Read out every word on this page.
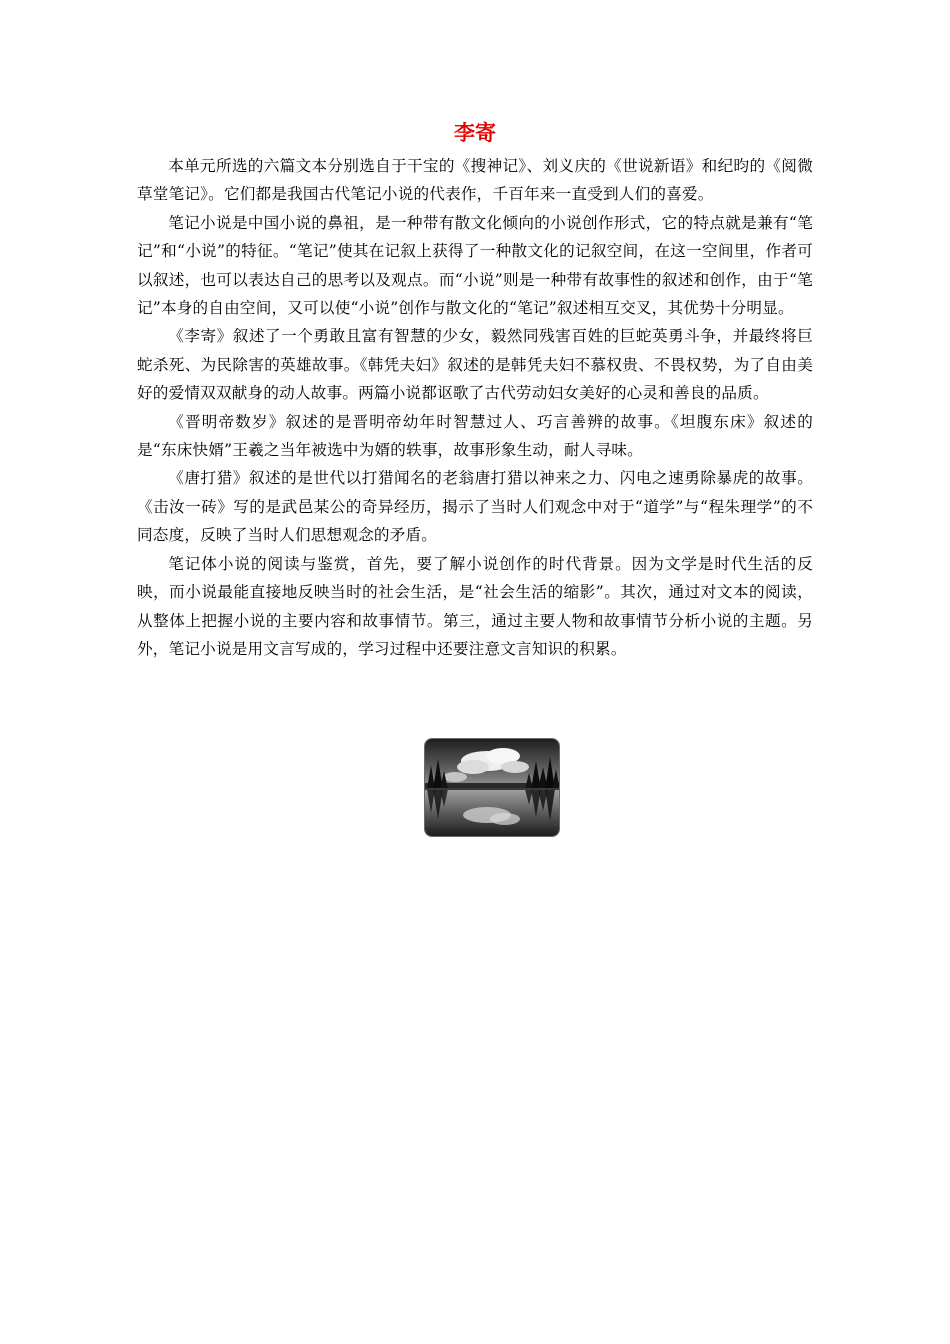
李寄

本单元所选的六篇文本分别选自于干宝的《搜神记》、刘义庆的《世说新语》和纪昀的《阅微草堂笔记》。它们都是我国古代笔记小说的代表作，千百年来一直受到人们的喜爱。

笔记小说是中国小说的鼻祖，是一种带有散文化倾向的小说创作形式，它的特点就是兼有“笔记”和“小说”的特征。“笔记”使其在记叙上获得了一种散文化的记叙空间，在这一空间里，作者可以叙述，也可以表达自己的思考以及观点。而“小说”则是一种带有故事性的叙述和创作，由于“笔记”本身的自由空间，又可以使“小说”创作与散文化的“笔记”叙述相互交叉，其优势十分明显。

《李寄》叙述了一个勇敢且富有智慧的少女，毅然同残害百姓的巨蛇英勇斗争，并最终将巨蛇杀死、为民除害的英雄故事。《韩凭夫妇》叙述的是韩凭夫妇不慕权贵、不畏权势，为了自由美好的爱情双双献身的动人故事。两篇小说都讴歌了古代劳动妇女美好的心灵和善良的品质。

《晋明帝数岁》叙述的是晋明帝幼年时智慧过人、巧言善辨的故事。《坦腹东床》叙述的是“东床快婿”王羲之当年被选中为婿的轶事，故事形象生动，耐人寻味。

《唐打猎》叙述的是世代以打猎闻名的老翁唐打猎以神来之力、闪电之速勇除暴虎的故事。《击汝一砖》写的是武邑某公的奇异经历，揭示了当时人们观念中对于“道学”与“程朱理学”的不同态度，反映了当时人们思想观念的矛盾。

笔记体小说的阅读与鉴赏，首先，要了解小说创作的时代背景。因为文学是时代生活的反映，而小说最能直接地反映当时的社会生活，是“社会生活的缩影”。其次，通过对文本的阅读，从整体上把握小说的主要内容和故事情节。第三，通过主要人物和故事情节分析小说的主题。另外，笔记小说是用文言写成的，学习过程中还要注意文言知识的积累。
